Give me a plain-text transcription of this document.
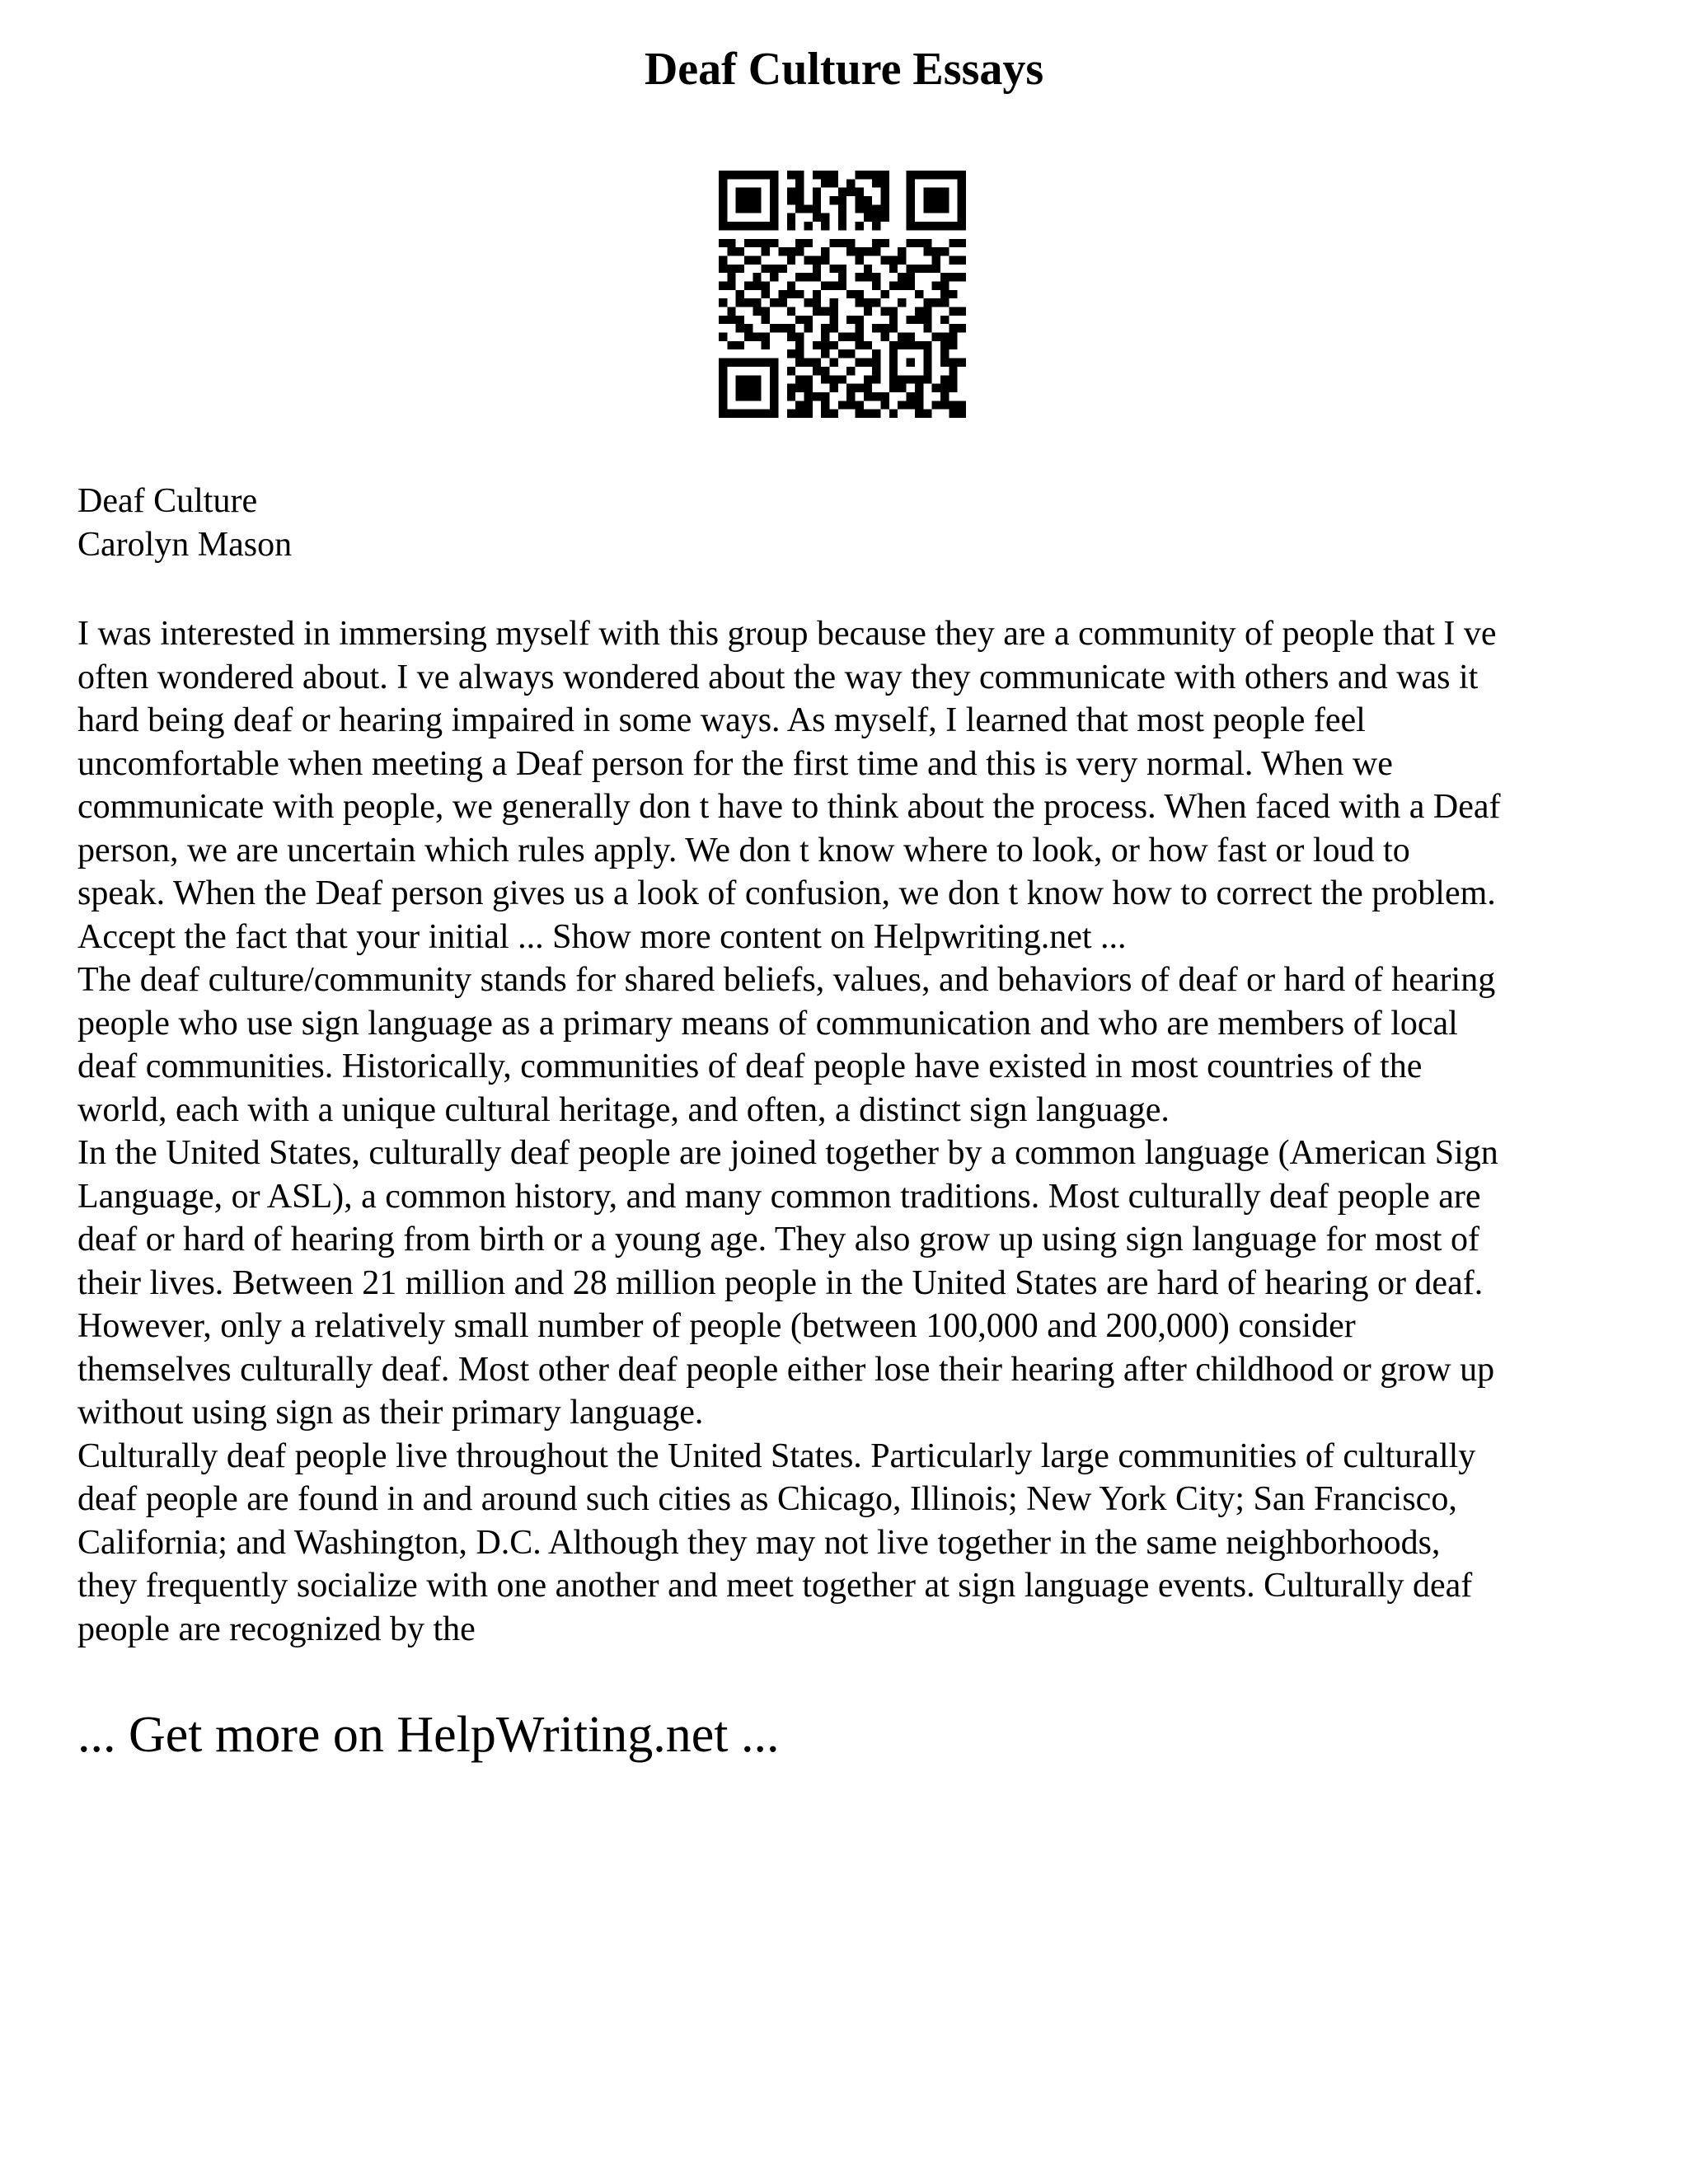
Deaf Culture Essays
Deaf Culture
Carolyn Mason
I was interested in immersing myself with this group because they are a community of people that I ve
often wondered about. I ve always wondered about the way they communicate with others and was it
hard being deaf or hearing impaired in some ways. As myself, I learned that most people feel
uncomfortable when meeting a Deaf person for the first time and this is very normal. When we
communicate with people, we generally don t have to think about the process. When faced with a Deaf
person, we are uncertain which rules apply. We don t know where to look, or how fast or loud to
speak. When the Deaf person gives us a look of confusion, we don t know how to correct the problem.
Accept the fact that your initial ... Show more content on Helpwriting.net ...
The deaf culture/community stands for shared beliefs, values, and behaviors of deaf or hard of hearing
people who use sign language as a primary means of communication and who are members of local
deaf communities. Historically, communities of deaf people have existed in most countries of the
world, each with a unique cultural heritage, and often, a distinct sign language.
In the United States, culturally deaf people are joined together by a common language (American Sign
Language, or ASL), a common history, and many common traditions. Most culturally deaf people are
deaf or hard of hearing from birth or a young age. They also grow up using sign language for most of
their lives. Between 21 million and 28 million people in the United States are hard of hearing or deaf.
However, only a relatively small number of people (between 100,000 and 200,000) consider
themselves culturally deaf. Most other deaf people either lose their hearing after childhood or grow up
without using sign as their primary language.
Culturally deaf people live throughout the United States. Particularly large communities of culturally
deaf people are found in and around such cities as Chicago, Illinois; New York City; San Francisco,
California; and Washington, D.C. Although they may not live together in the same neighborhoods,
they frequently socialize with one another and meet together at sign language events. Culturally deaf
people are recognized by the
... Get more on HelpWriting.net ...
